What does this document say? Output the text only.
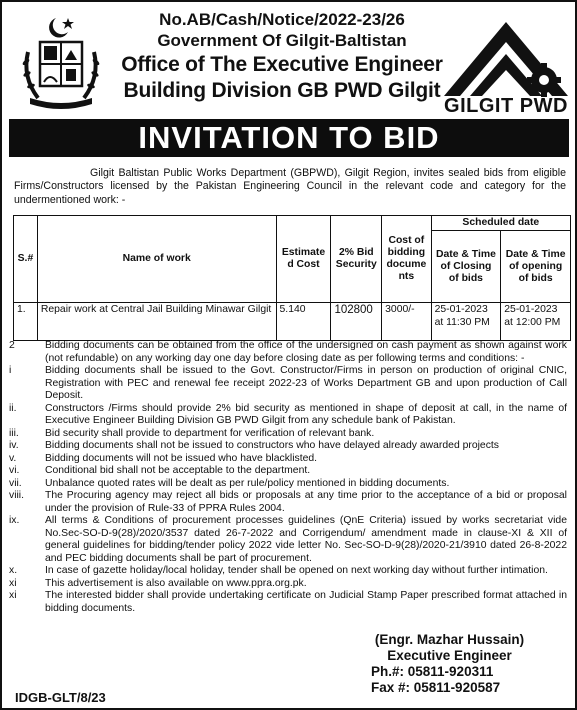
No.AB/Cash/Notice/2022-23/26
Government Of Gilgit-Baltistan
Office of The Executive Engineer
Building Division GB PWD Gilgit
GILGIT PWD
INVITATION TO BID
Gilgit Baltistan Public Works Department (GBPWD), Gilgit Region, invites sealed bids from eligible Firms/Constructors licensed by the Pakistan Engineering Council in the relevant code and category for the undermentioned work: -
S.#	Name of work	Estimate d Cost	2% Bid Security	Cost of bidding docume nts	Scheduled date	
					Date & Time of Closing of bids	Date & Time of opening of bids
1.	Repair work at Central Jail Building Minawar Gilgit	5.140	102800	3000/-	25-01-2023 at 11:30 PM	25-01-2023 at 12:00 PM
2	Bidding documents can be obtained from the office of the undersigned on cash payment as shown against work (not refundable) on any working day one day before closing date as per following terms and conditions: -
i	Bidding documents shall be issued to the Govt. Constructor/Firms in person on production of original CNIC, Registration with PEC and renewal fee receipt 2022-23 of Works Department GB and upon production of Call Deposit.
ii.	Constructors /Firms should provide 2% bid security as mentioned in shape of deposit at call, in the name of Executive Engineer Building Division GB PWD Gilgit from any schedule bank of Pakistan.
iii.	Bid security shall provide to department for verification of relevant bank.
iv.	Bidding documents shall not be issued to constructors who have delayed already awarded projects
v.	Bidding documents will not be issued who have blacklisted.
vi.	Conditional bid shall not be acceptable to the department.
vii.	Unbalance quoted rates will be dealt as per rule/policy mentioned in bidding documents.
viii.	The Procuring agency may reject all bids or proposals at any time prior to the acceptance of a bid or proposal under the provision of Rule-33 of PPRA Rules 2004.
ix.	All terms & Conditions of procurement processes guidelines (QnE Criteria) issued by works secretariat vide No.Sec-SO-D-9(28)/2020/3537 dated 26-7-2022 and Corrigendum/ amendment made in clause-XI & XII of general guidelines for bidding/tender policy 2022 vide letter No. Sec-SO-D-9(28)/2020-21/3910 dated 26-8-2022 and PEC bidding documents shall be part of procurement.
x.	In case of gazette holiday/local holiday, tender shall be opened on next working day without further intimation.
xi	This advertisement is also available on www.ppra.org.pk.
xi	The interested bidder shall provide undertaking certificate on Judicial Stamp Paper prescribed format attached in bidding documents.
(Engr. Mazhar Hussain)
Executive Engineer
Ph.#: 05811-920311
Fax #: 05811-920587
IDGB-GLT/8/23
